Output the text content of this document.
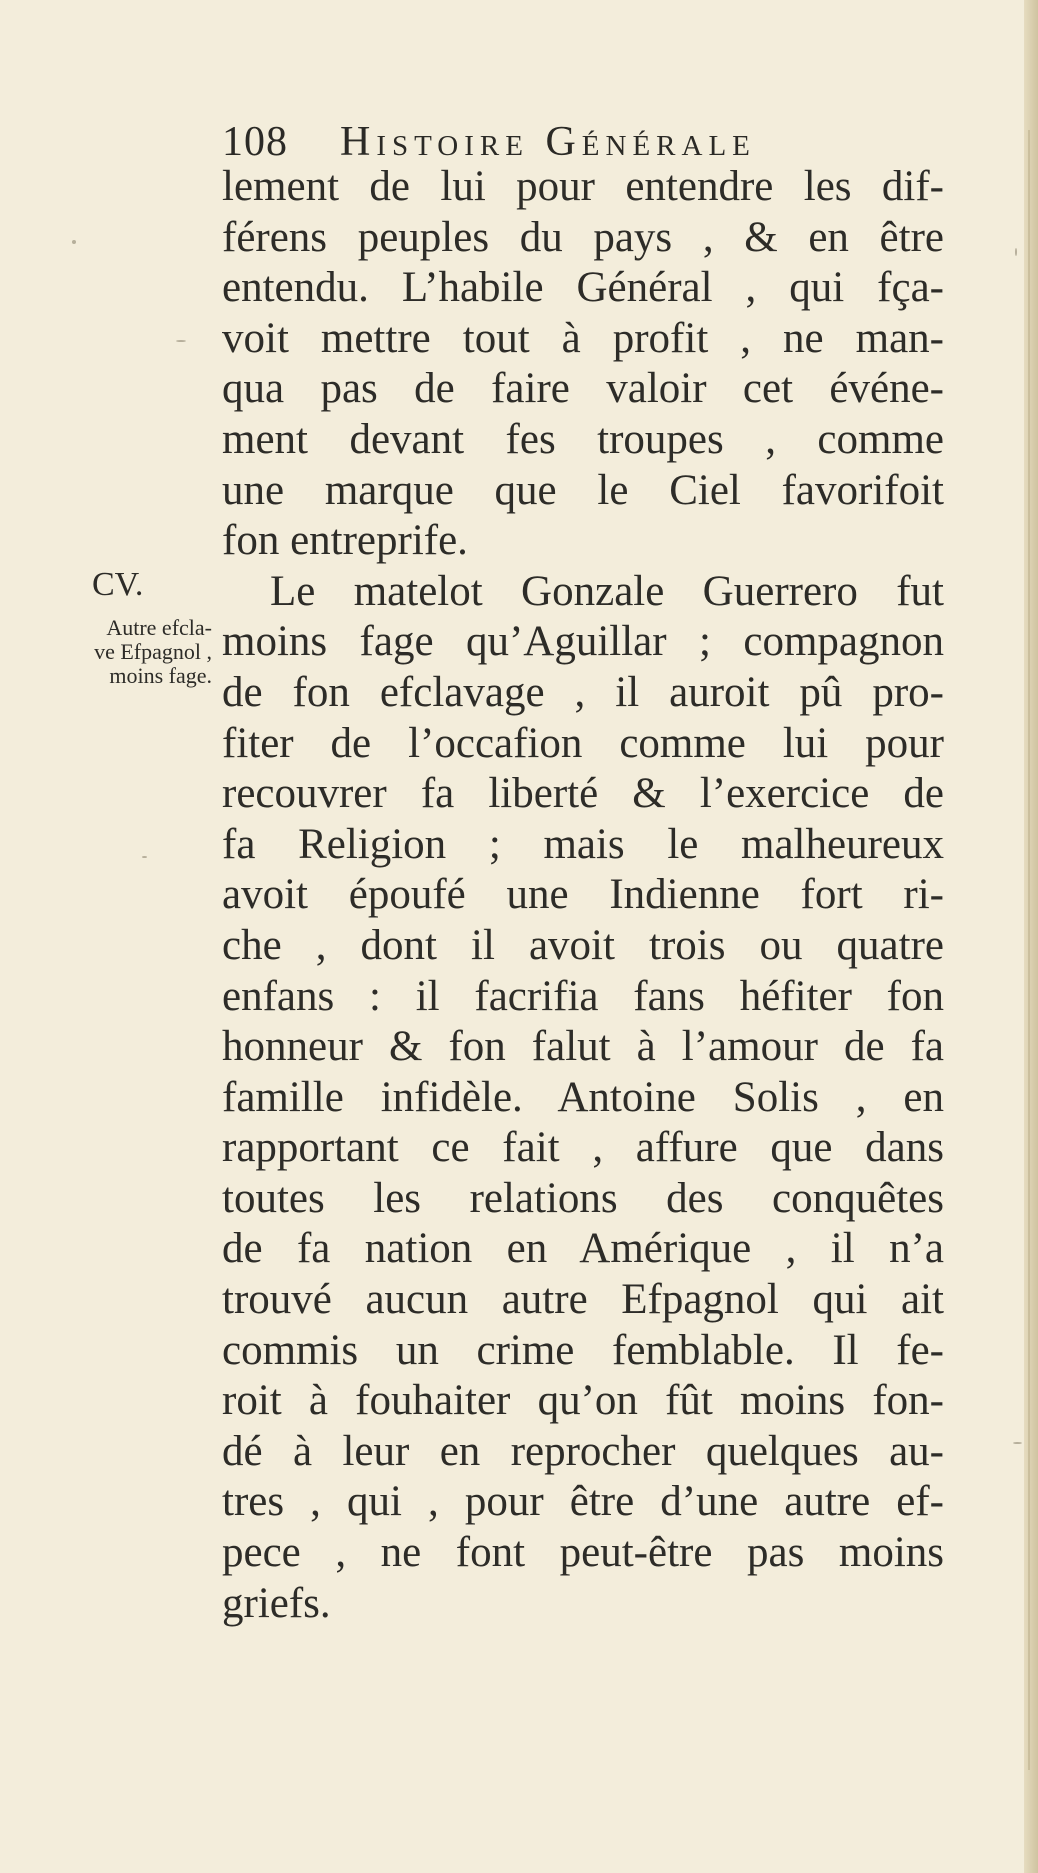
108 Histoire Générale
CV.
Autre efcla-
ve Efpagnol ,
moins fage.
lement de lui pour entendre les dif-
férens peuples du pays , & en être
entendu. L’habile Général , qui fça-
voit mettre tout à profit , ne man-
qua pas de faire valoir cet événe-
ment devant fes troupes , comme
une marque que le Ciel favorifoit
fon entreprife.
Le matelot Gonzale Guerrero fut
moins fage qu’Aguillar ; compagnon
de fon efclavage , il auroit pû pro-
fiter de l’occafion comme lui pour
recouvrer fa liberté & l’exercice de
fa Religion ; mais le malheureux
avoit époufé une Indienne fort ri-
che , dont il avoit trois ou quatre
enfans : il facrifia fans héfiter fon
honneur & fon falut à l’amour de fa
famille infidèle. Antoine Solis , en
rapportant ce fait , affure que dans
toutes les relations des conquêtes
de fa nation en Amérique , il n’a
trouvé aucun autre Efpagnol qui ait
commis un crime femblable. Il fe-
roit à fouhaiter qu’on fût moins fon-
dé à leur en reprocher quelques au-
tres , qui , pour être d’une autre ef-
pece , ne font peut-être pas moins
griefs.
